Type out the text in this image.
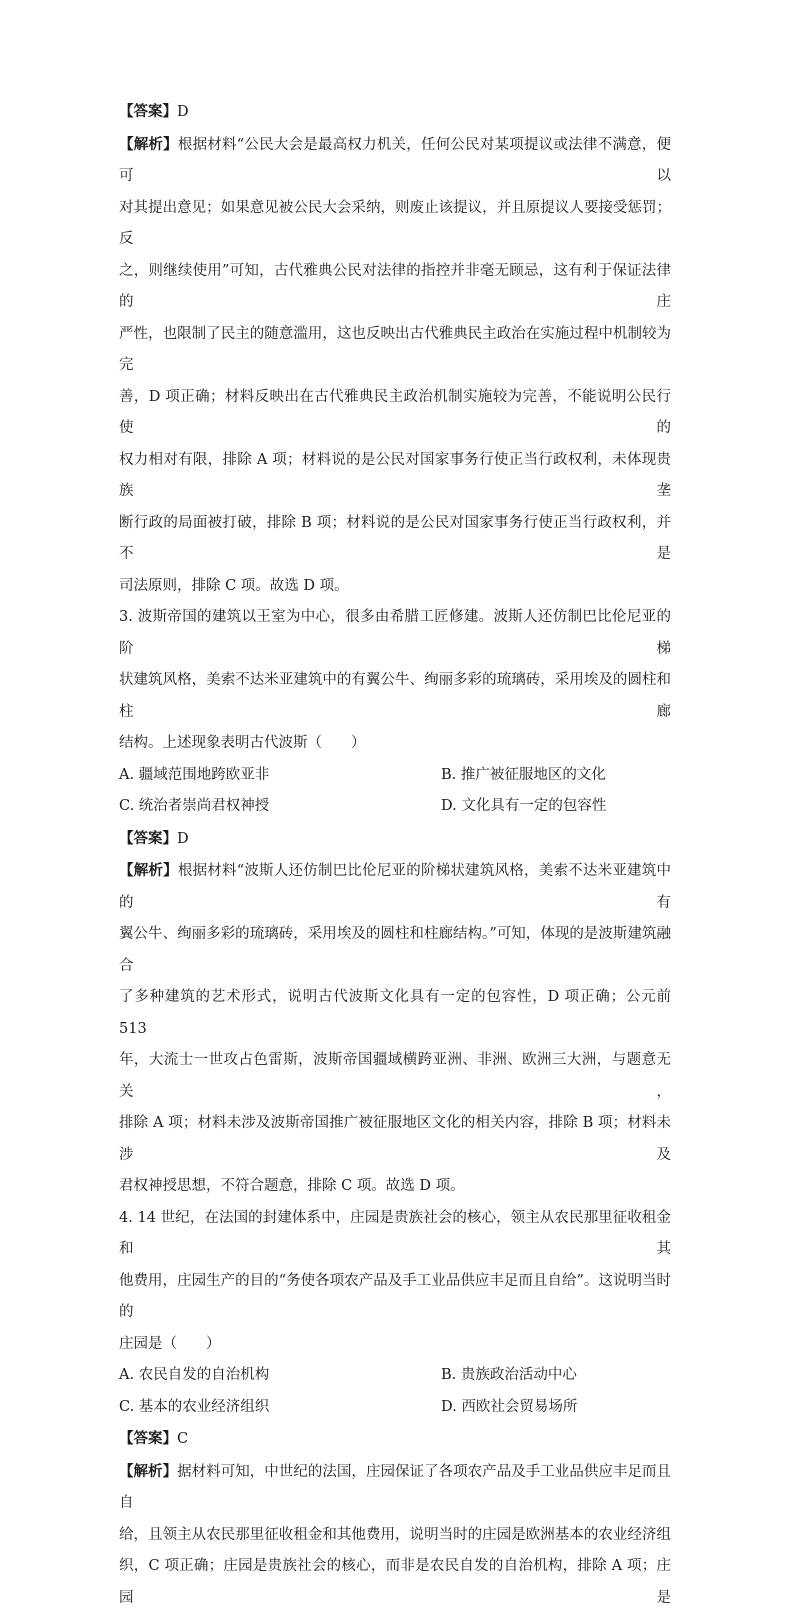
【答案】D
【解析】根据材料“公民大会是最高权力机关，任何公民对某项提议或法律不满意，便可以
对其提出意见；如果意见被公民大会采纳，则废止该提议，并且原提议人要接受惩罚；反
之，则继续使用”可知，古代雅典公民对法律的指控并非毫无顾忌，这有利于保证法律的庄
严性，也限制了民主的随意滥用，这也反映出古代雅典民主政治在实施过程中机制较为完
善，D 项正确；材料反映出在古代雅典民主政治机制实施较为完善，不能说明公民行使的
权力相对有限，排除 A 项；材料说的是公民对国家事务行使正当行政权利，未体现贵族垄
断行政的局面被打破，排除 B 项；材料说的是公民对国家事务行使正当行政权利，并不是
司法原则，排除 C 项。故选 D 项。
3. 波斯帝国的建筑以王室为中心，很多由希腊工匠修建。波斯人还仿制巴比伦尼亚的阶梯
状建筑风格，美索不达米亚建筑中的有翼公牛、绚丽多彩的琉璃砖，采用埃及的圆柱和柱廊
结构。上述现象表明古代波斯（　　）
A. 疆域范围地跨欧亚非	B. 推广被征服地区的文化
C. 统治者崇尚君权神授	D. 文化具有一定的包容性
【答案】D
【解析】根据材料“波斯人还仿制巴比伦尼亚的阶梯状建筑风格，美索不达米亚建筑中的有
翼公牛、绚丽多彩的琉璃砖，采用埃及的圆柱和柱廊结构。”可知，体现的是波斯建筑融合
了多种建筑的艺术形式，说明古代波斯文化具有一定的包容性，D 项正确；公元前 513
年，大流士一世攻占色雷斯，波斯帝国疆域横跨亚洲、非洲、欧洲三大洲，与题意无关，
排除 A 项；材料未涉及波斯帝国推广被征服地区文化的相关内容，排除 B 项；材料未涉及
君权神授思想，不符合题意，排除 C 项。故选 D 项。
4. 14 世纪，在法国的封建体系中，庄园是贵族社会的核心，领主从农民那里征收租金和其
他费用，庄园生产的目的“务使各项农产品及手工业品供应丰足而且自给”。这说明当时的
庄园是（　　）
A. 农民自发的自治机构	B. 贵族政治活动中心
C. 基本的农业经济组织	D. 西欧社会贸易场所
【答案】C
【解析】据材料可知，中世纪的法国，庄园保证了各项农产品及手工业品供应丰足而且自
给，且领主从农民那里征收租金和其他费用，说明当时的庄园是欧洲基本的农业经济组
织，C 项正确；庄园是贵族社会的核心，而非是农民自发的自治机构，排除 A 项；庄园是
